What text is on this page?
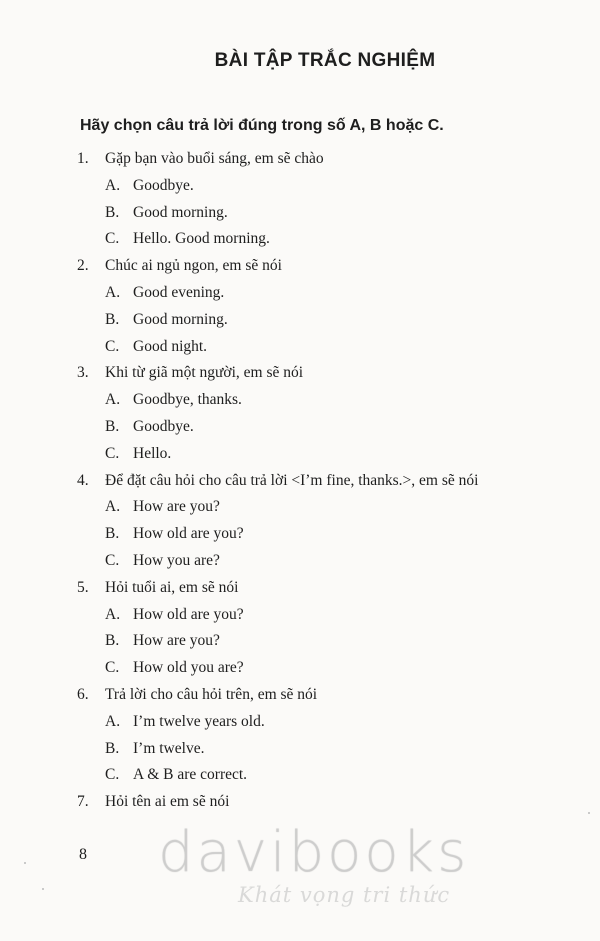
BÀI TẬP TRẮC NGHIỆM
Hãy chọn câu trả lời đúng trong số A, B hoặc C.
1. Gặp bạn vào buổi sáng, em sẽ chào
A. Goodbye.
B. Good morning.
C. Hello. Good morning.
2. Chúc ai ngủ ngon, em sẽ nói
A. Good evening.
B. Good morning.
C. Good night.
3. Khi từ giã một người, em sẽ nói
A. Goodbye, thanks.
B. Goodbye.
C. Hello.
4. Để đặt câu hỏi cho câu trả lời <I’m fine, thanks.>, em sẽ nói
A. How are you?
B. How old are you?
C. How you are?
5. Hỏi tuổi ai, em sẽ nói
A. How old are you?
B. How are you?
C. How old you are?
6. Trả lời cho câu hỏi trên, em sẽ nói
A. I’m twelve years old.
B. I’m twelve.
C. A & B are correct.
7. Hỏi tên ai em sẽ nói
8 davibooks
Khát vọng tri thức
